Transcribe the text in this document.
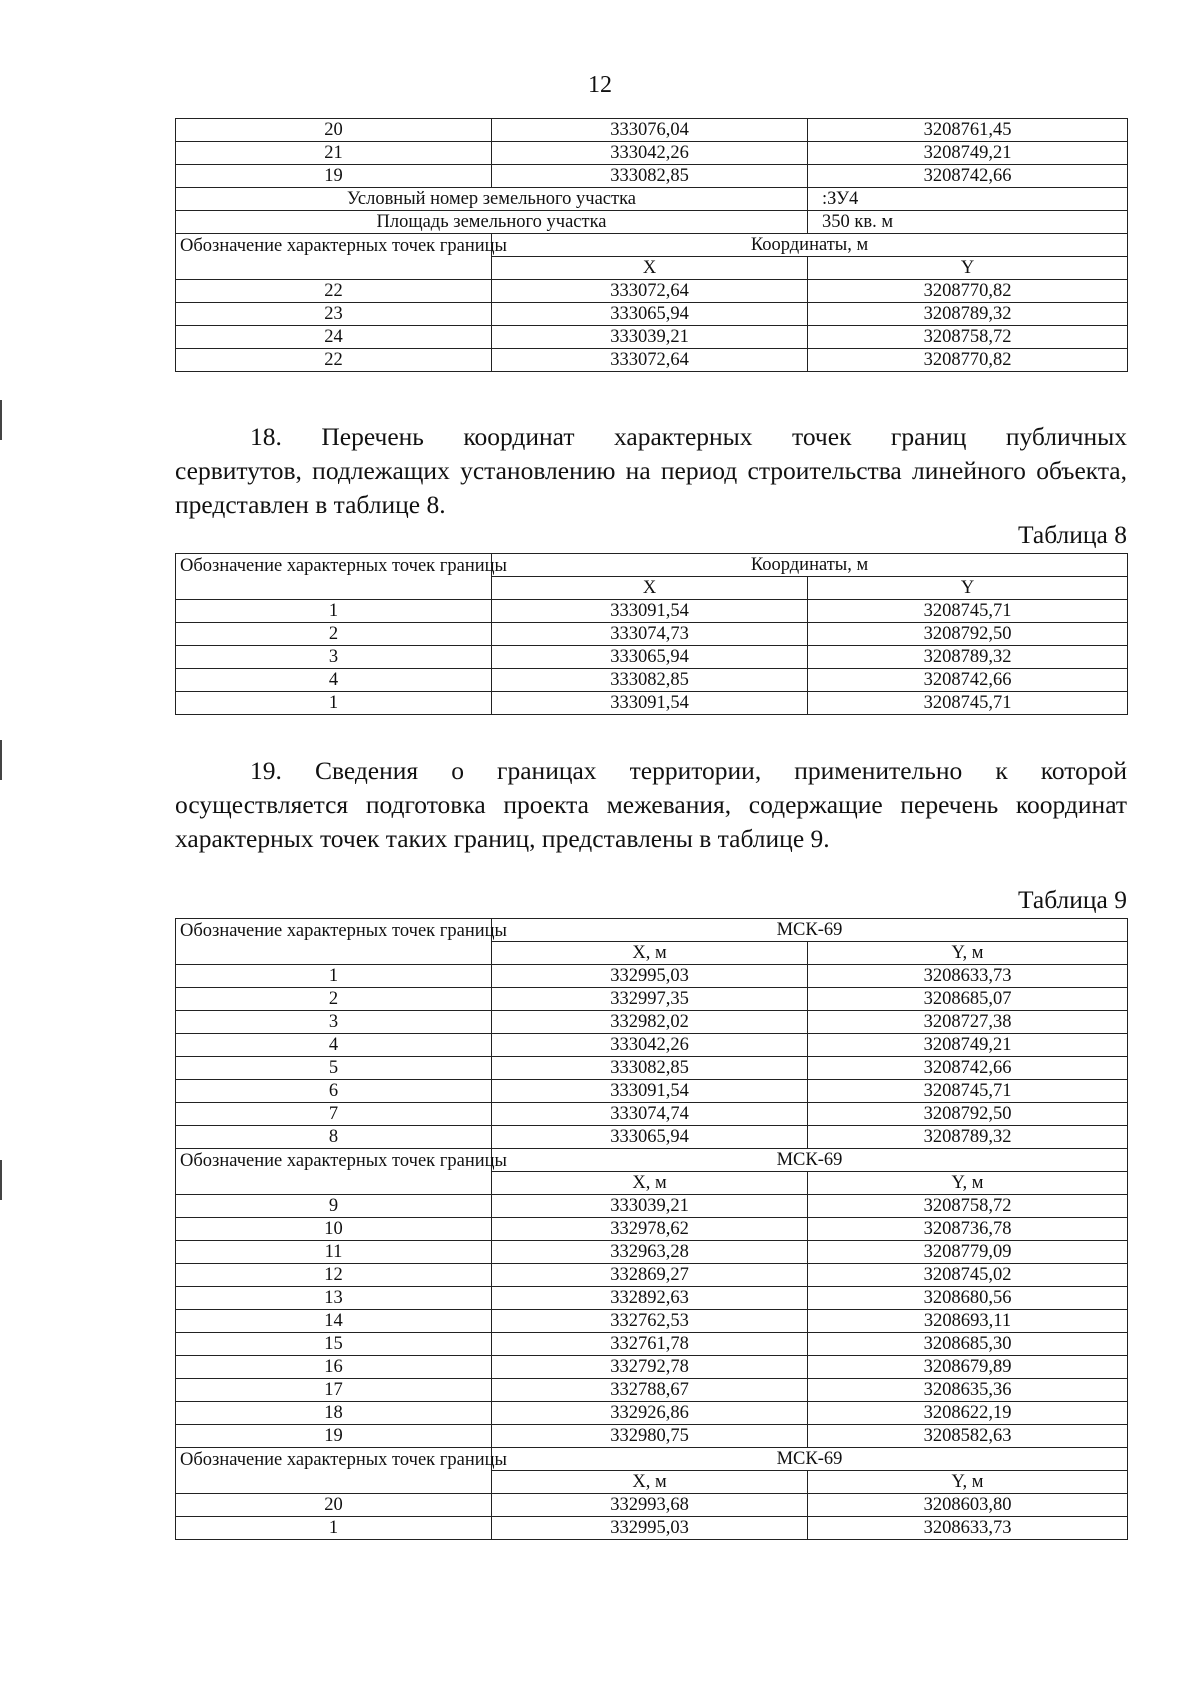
12
20	333076,04	3208761,45
21	333042,26	3208749,21
19	333082,85	3208742,66
Условный номер земельного участка		:ЗУ4
Площадь земельного участка		350 кв. м
Обозначение характерных точек границы	Координаты, м	
	X	Y
22	333072,64	3208770,82
23	333065,94	3208789,32
24	333039,21	3208758,72
22	333072,64	3208770,82
18. Перечень координат характерных точек границ публичных
сервитутов, подлежащих установлению на период строительства линейного объекта, представлен в таблице 8.
Таблица 8
Обозначение характерных точек границы	Координаты, м	
	X	Y
1	333091,54	3208745,71
2	333074,73	3208792,50
3	333065,94	3208789,32
4	333082,85	3208742,66
1	333091,54	3208745,71
19. Сведения о границах территории, применительно к которой
осуществляется подготовка проекта межевания, содержащие перечень координат характерных точек таких границ, представлены в таблице 9.
Таблица 9
Обозначение характерных точек границы	МСК-69	
	X, м	Y, м
1	332995,03	3208633,73
2	332997,35	3208685,07
3	332982,02	3208727,38
4	333042,26	3208749,21
5	333082,85	3208742,66
6	333091,54	3208745,71
7	333074,74	3208792,50
8	333065,94	3208789,32
Обозначение характерных точек границы	МСК-69	
	X, м	Y, м
9	333039,21	3208758,72
10	332978,62	3208736,78
11	332963,28	3208779,09
12	332869,27	3208745,02
13	332892,63	3208680,56
14	332762,53	3208693,11
15	332761,78	3208685,30
16	332792,78	3208679,89
17	332788,67	3208635,36
18	332926,86	3208622,19
19	332980,75	3208582,63
Обозначение характерных точек границы	МСК-69	
	X, м	Y, м
20	332993,68	3208603,80
1	332995,03	3208633,73
